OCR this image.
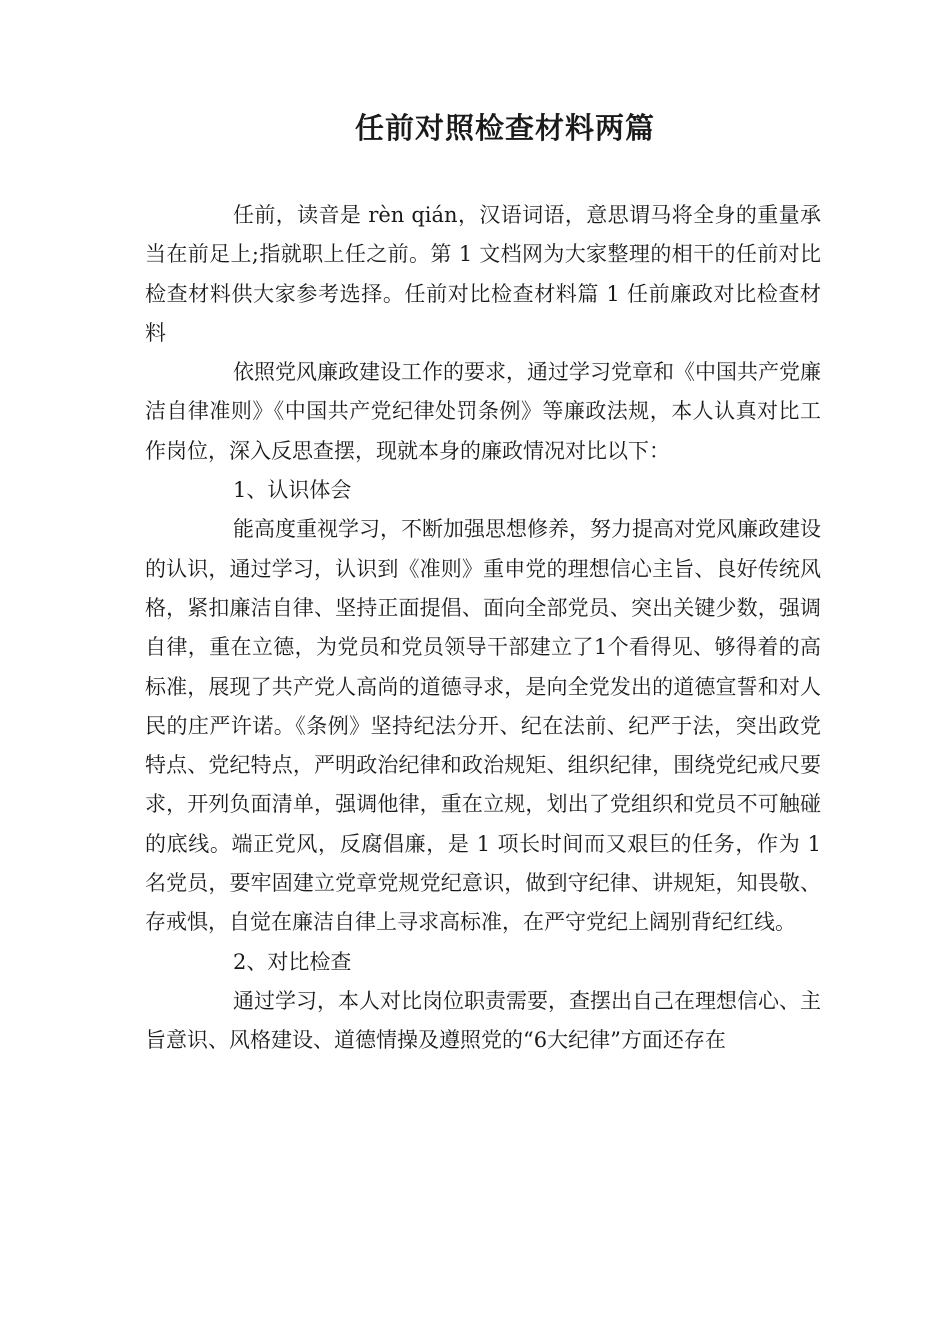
任前对照检查材料两篇

任前，读音是 rèn qián，汉语词语，意思谓马将全身的重量承当在前足上;指就职上任之前。第 1 文档网为大家整理的相干的任前对比检查材料供大家参考选择。任前对比检查材料篇 1 任前廉政对比检查材料

依照党风廉政建设工作的要求，通过学习党章和《中国共产党廉洁自律准则》《中国共产党纪律处罚条例》等廉政法规，本人认真对比工作岗位，深入反思查摆，现就本身的廉政情况对比以下：

1、认识体会

能高度重视学习，不断加强思想修养，努力提高对党风廉政建设的认识，通过学习，认识到《准则》重申党的理想信心主旨、良好传统风格，紧扣廉洁自律、坚持正面提倡、面向全部党员、突出关键少数，强调自律，重在立德，为党员和党员领导干部建立了1个看得见、够得着的高标准，展现了共产党人高尚的道德寻求，是向全党发出的道德宣誓和对人民的庄严许诺。《条例》坚持纪法分开、纪在法前、纪严于法，突出政党特点、党纪特点，严明政治纪律和政治规矩、组织纪律，围绕党纪戒尺要求，开列负面清单，强调他律，重在立规，划出了党组织和党员不可触碰的底线。端正党风，反腐倡廉，是 1 项长时间而又艰巨的任务，作为 1 名党员，要牢固建立党章党规党纪意识，做到守纪律、讲规矩，知畏敬、存戒惧，自觉在廉洁自律上寻求高标准，在严守党纪上阔别背纪红线。

2、对比检查

通过学习，本人对比岗位职责需要，查摆出自己在理想信心、主旨意识、风格建设、道德情操及遵照党的“6大纪律”方面还存在
